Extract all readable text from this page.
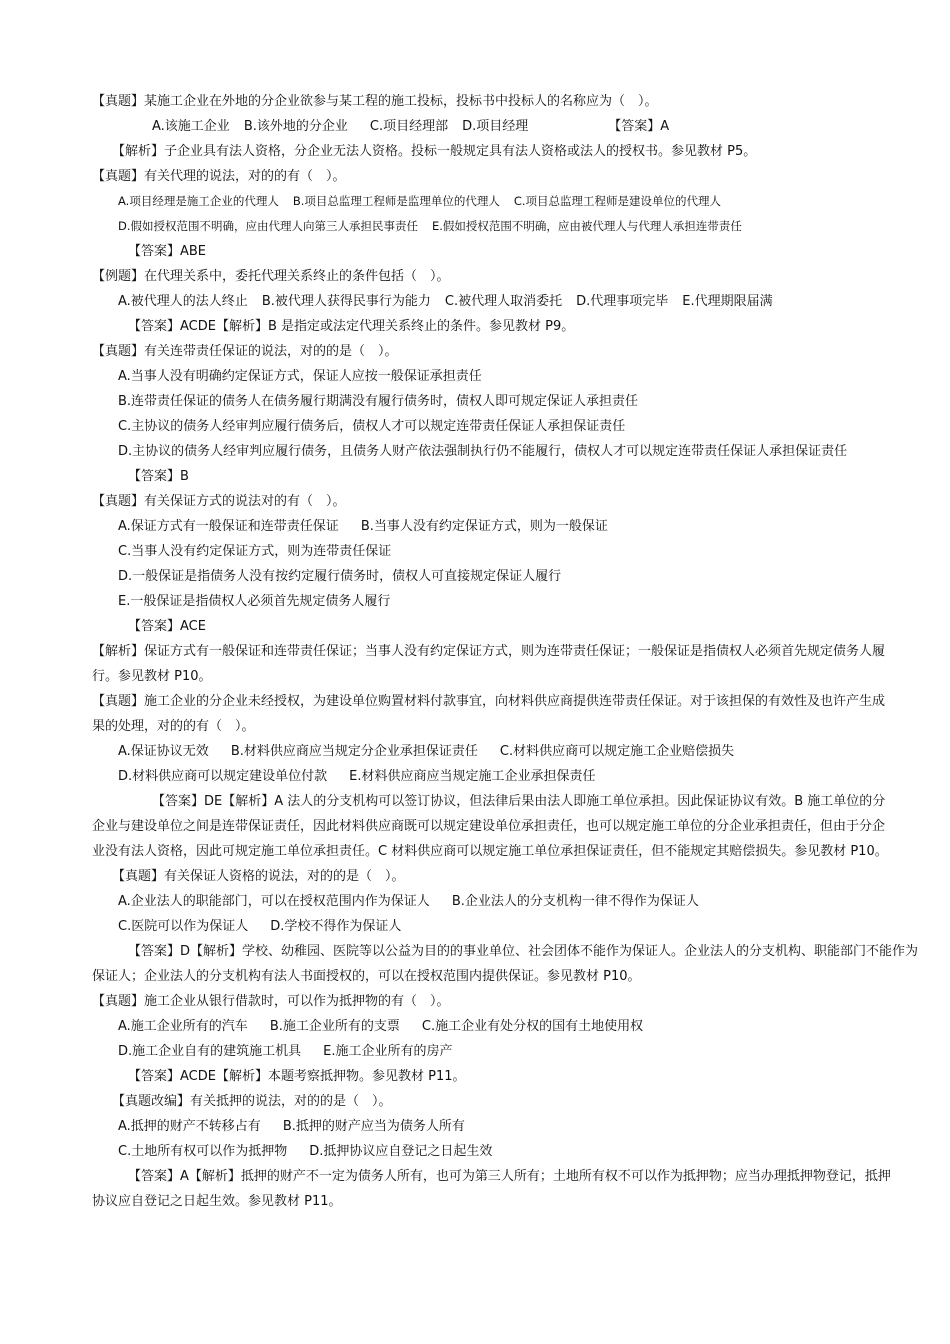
【真题】某施工企业在外地的分企业欲参与某工程的施工投标，投标书中投标人的名称应为（　）。
A.该施工企业 B.该外地的分企业 C.项目经理部 D.项目经理	【答案】A
【解析】子企业具有法人资格，分企业无法人资格。投标一般规定具有法人资格或法人的授权书。参见教材 P5。
【真题】有关代理的说法，对的的有（　）。
A.项目经理是施工企业的代理人 B.项目总监理工程师是监理单位的代理人 C.项目总监理工程师是建设单位的代理人
D.假如授权范围不明确，应由代理人向第三人承担民事责任 E.假如授权范围不明确，应由被代理人与代理人承担连带责任
【答案】ABE
【例题】在代理关系中，委托代理关系终止的条件包括（　）。
A.被代理人的法人终止 B.被代理人获得民事行为能力 C.被代理人取消委托 D.代理事项完毕 E.代理期限届满
【答案】ACDE【解析】B 是指定或法定代理关系终止的条件。参见教材 P9。
【真题】有关连带责任保证的说法，对的的是（　）。
A.当事人没有明确约定保证方式，保证人应按一般保证承担责任
B.连带责任保证的债务人在债务履行期满没有履行债务时，债权人即可规定保证人承担责任
C.主协议的债务人经审判应履行债务后，债权人才可以规定连带责任保证人承担保证责任
D.主协议的债务人经审判应履行债务，且债务人财产依法强制执行仍不能履行，债权人才可以规定连带责任保证人承担保证责任
【答案】B
【真题】有关保证方式的说法对的有（　）。
A.保证方式有一般保证和连带责任保证 B.当事人没有约定保证方式，则为一般保证
C.当事人没有约定保证方式，则为连带责任保证
D.一般保证是指债务人没有按约定履行债务时，债权人可直接规定保证人履行
E.一般保证是指债权人必须首先规定债务人履行
【答案】ACE
【解析】保证方式有一般保证和连带责任保证；当事人没有约定保证方式，则为连带责任保证；一般保证是指债权人必须首先规定债务人履行。参见教材 P10。
【真题】施工企业的分企业未经授权，为建设单位购置材料付款事宜，向材料供应商提供连带责任保证。对于该担保的有效性及也许产生成果的处理，对的的有（　）。
A.保证协议无效 B.材料供应商应当规定分企业承担保证责任 C.材料供应商可以规定施工企业赔偿损失
D.材料供应商可以规定建设单位付款 E.材料供应商应当规定施工企业承担保责任
【答案】DE【解析】A 法人的分支机构可以签订协议，但法律后果由法人即施工单位承担。因此保证协议有效。B 施工单位的分企业与建设单位之间是连带保证责任，因此材料供应商既可以规定建设单位承担责任，也可以规定施工单位的分企业承担责任，但由于分企业没有法人资格，因此可规定施工单位承担责任。C 材料供应商可以规定施工单位承担保证责任，但不能规定其赔偿损失。参见教材 P10。
【真题】有关保证人资格的说法，对的的是（　）。
A.企业法人的职能部门，可以在授权范围内作为保证人 B.企业法人的分支机构一律不得作为保证人
C.医院可以作为保证人 D.学校不得作为保证人
【答案】D【解析】学校、幼稚园、医院等以公益为目的的事业单位、社会团体不能作为保证人。企业法人的分支机构、职能部门不能作为保证人；企业法人的分支机构有法人书面授权的，可以在授权范围内提供保证。参见教材 P10。
【真题】施工企业从银行借款时，可以作为抵押物的有（　）。
A.施工企业所有的汽车 B.施工企业所有的支票 C.施工企业有处分权的国有土地使用权
D.施工企业自有的建筑施工机具 E.施工企业所有的房产
【答案】ACDE【解析】本题考察抵押物。参见教材 P11。
【真题改编】有关抵押的说法，对的的是（　）。
A.抵押的财产不转移占有 B.抵押的财产应当为债务人所有
C.土地所有权可以作为抵押物 D.抵押协议应自登记之日起生效
【答案】A【解析】抵押的财产不一定为债务人所有，也可为第三人所有；土地所有权不可以作为抵押物；应当办理抵押物登记，抵押协议应自登记之日起生效。参见教材 P11。
